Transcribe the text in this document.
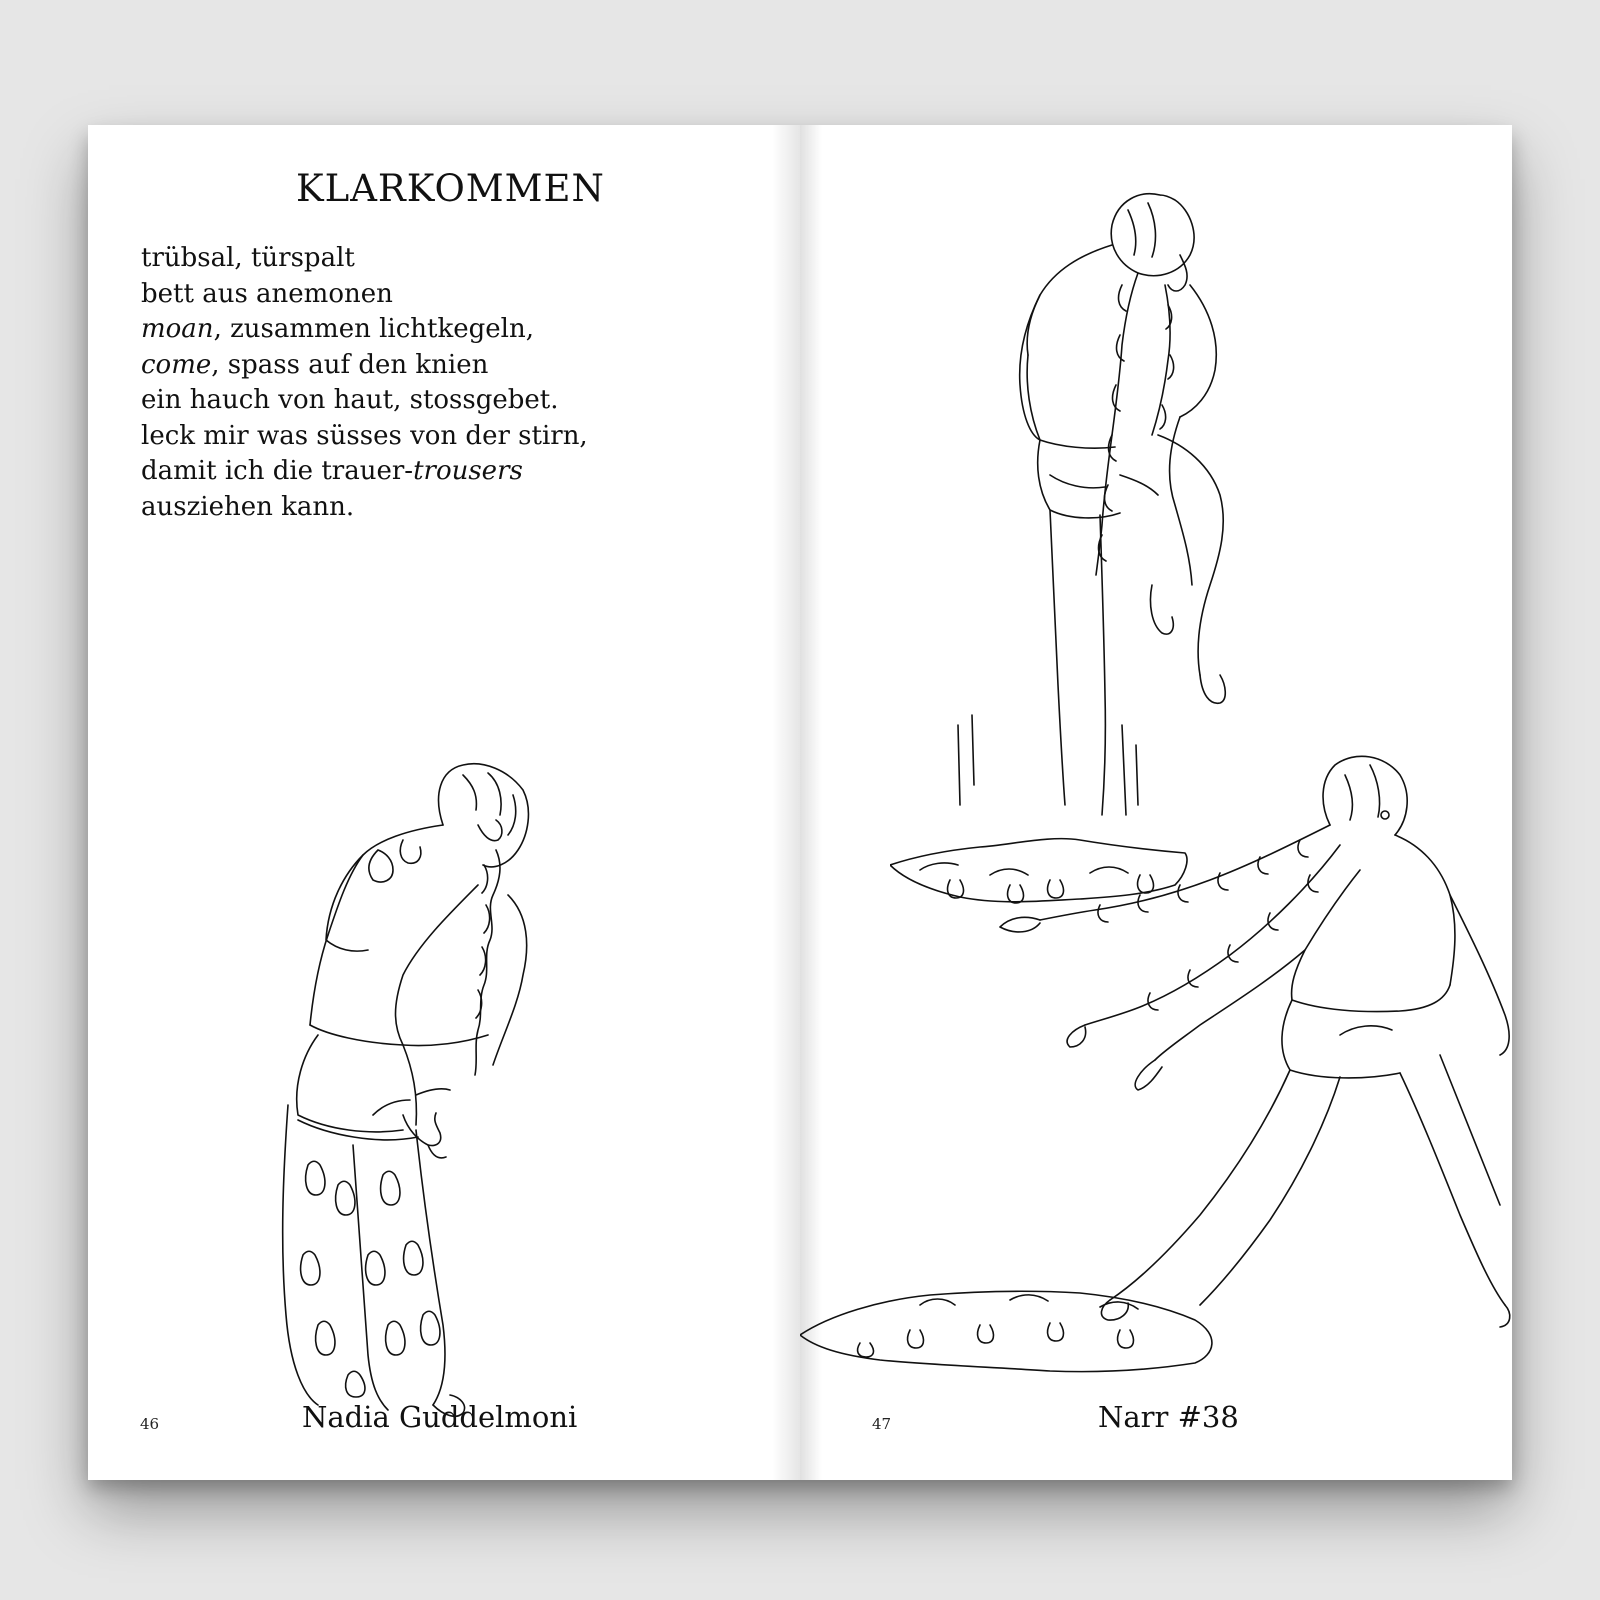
KLARKOMMEN
trübsal, türspalt
bett aus anemonen
moan, zusammen lichtkegeln,
come, spass auf den knien
ein hauch von haut, stossgebet.
leck mir was süsses von der stirn,
damit ich die trauer-trousers
ausziehen kann.
46	Nadia Guddelmoni	47	Narr #38
